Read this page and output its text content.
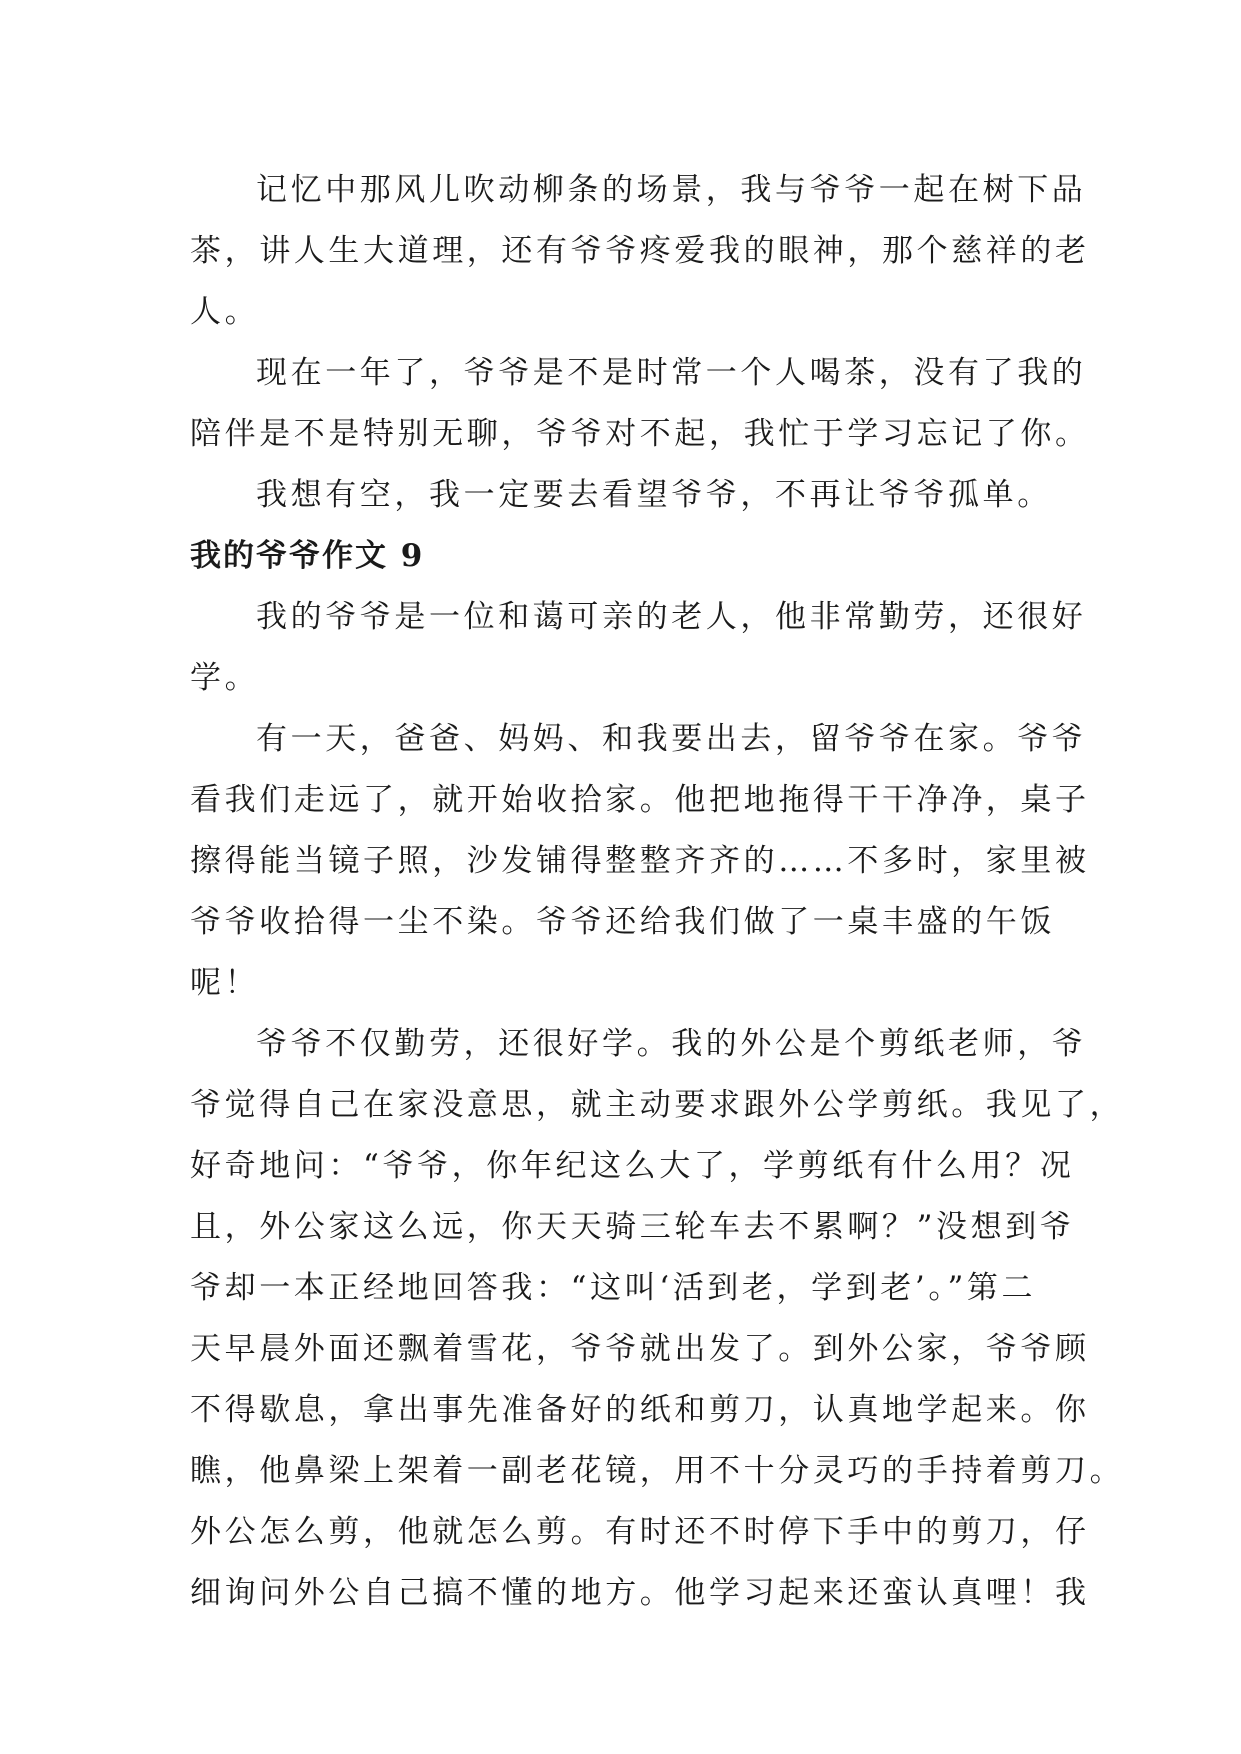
记忆中那风儿吹动柳条的场景，我与爷爷一起在树下品
茶，讲人生大道理，还有爷爷疼爱我的眼神，那个慈祥的老
人。

现在一年了，爷爷是不是时常一个人喝茶，没有了我的
陪伴是不是特别无聊，爷爷对不起，我忙于学习忘记了你。

我想有空，我一定要去看望爷爷，不再让爷爷孤单。

我的爷爷作文 9

我的爷爷是一位和蔼可亲的老人，他非常勤劳，还很好
学。

有一天，爸爸、妈妈、和我要出去，留爷爷在家。爷爷
看我们走远了，就开始收拾家。他把地拖得干干净净，桌子
擦得能当镜子照，沙发铺得整整齐齐的……不多时，家里被
爷爷收拾得一尘不染。爷爷还给我们做了一桌丰盛的午饭
呢！

爷爷不仅勤劳，还很好学。我的外公是个剪纸老师，爷
爷觉得自己在家没意思，就主动要求跟外公学剪纸。我见了，
好奇地问：“爷爷，你年纪这么大了，学剪纸有什么用？况
且，外公家这么远，你天天骑三轮车去不累啊？”没想到爷
爷却一本正经地回答我：“这叫‘活到老，学到老’。”第二
天早晨外面还飘着雪花，爷爷就出发了。到外公家，爷爷顾
不得歇息，拿出事先准备好的纸和剪刀，认真地学起来。你
瞧，他鼻梁上架着一副老花镜，用不十分灵巧的手持着剪刀。
外公怎么剪，他就怎么剪。有时还不时停下手中的剪刀，仔
细询问外公自己搞不懂的地方。他学习起来还蛮认真哩！我
